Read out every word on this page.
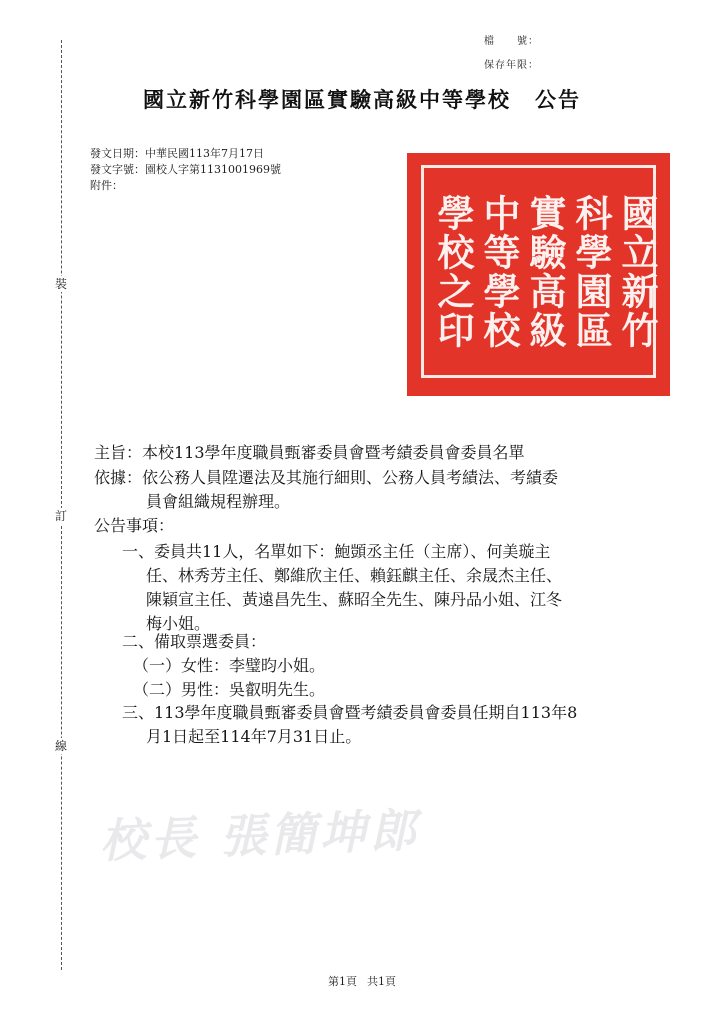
裝
訂
線
檔　　號：
保存年限：
國立新竹科學園區實驗高級中等學校 公告
發文日期：中華民國113年7月17日
發文字號：園校人字第1131001969號
附件：
國立新竹
科學園區
實驗高級
中等學校
學校之印
主旨：本校113學年度職員甄審委員會暨考績委員會委員名單
依據：依公務人員陞遷法及其施行細則、公務人員考績法、考績委
員會組織規程辦理。
公告事項：
一、委員共11人，名單如下：鮑顗丞主任（主席）、何美璇主
任、林秀芳主任、鄭維欣主任、賴鈺麒主任、余晟杰主任、
陳穎宣主任、黃遠昌先生、蘇昭全先生、陳丹品小姐、江冬
梅小姐。
二、備取票選委員：
（一）女性：李璧昀小姐。
（二）男性：吳叡明先生。
三、113學年度職員甄審委員會暨考績委員會委員任期自113年8
月1日起至114年7月31日止。
校長 張簡坤郎
第1頁 共1頁
